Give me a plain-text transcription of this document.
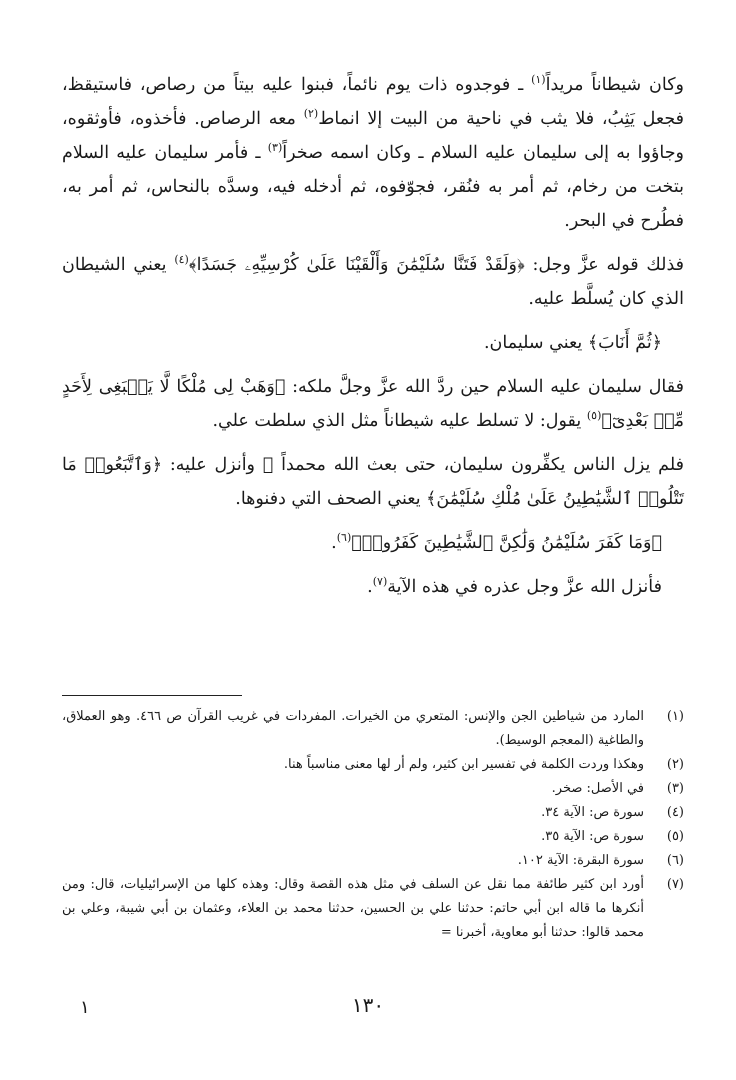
وكان شيطاناً مريداً$^{(١)}$ ـ فوجدوه ذات يوم نائماً، فبنوا عليه بيتاً من رصاص، فاستيقظ، فجعل يَثِبُ، فلا يثب في ناحية من البيت إلا انماط$^{(٢)}$ معه الرصاص. فأخذوه، فأوثقوه، وجاؤوا به إلى سليمان عليه السلام ـ وكان اسمه صخراً$^{(٣)}$ ـ فأمر سليمان عليه السلام بتخت من رخام، ثم أمر به فنُقر، فجوّفوه، ثم أدخله فيه، وسدَّه بالنحاس، ثم أمر به، فطُرح في البحر.

فذلك قوله عزَّ وجل: ﴿وَلَقَدْ فَتَنَّا سُلَيْمَٰنَ وَأَلْقَيْنَا عَلَىٰ كُرْسِيِّهِۦ جَسَدًا﴾$^{(٤)}$ يعني الشيطان الذي كان يُسلَّط عليه.

﴿ثُمَّ أَنَابَ﴾ يعني سليمان.

فقال سليمان عليه السلام حين ردَّ الله عزَّ وجلَّ ملكه: ﴿وَهَبْ لِى مُلْكًا لَّا يَنۢبَغِى لِأَحَدٍ مِّنۢ بَعْدِىٓ﴾$^{(٥)}$ يقول: لا تسلط عليه شيطاناً مثل الذي سلطت علي.

فلم يزل الناس يكفِّرون سليمان، حتى بعث الله محمداً ﷺ وأنزل عليه: ﴿وَٱتَّبَعُوا۟ مَا تَتْلُوا۟ ٱلشَّيَٰطِينُ عَلَىٰ مُلْكِ سُلَيْمَٰنَ﴾ يعني الصحف التي دفنوها.

﴿وَمَا كَفَرَ سُلَيْمَٰنُ وَلَٰكِنَّ ٱلشَّيَٰطِينَ كَفَرُوا۟﴾$^{(٦)}$.

فأنزل الله عزَّ وجل عذره في هذه الآية$^{(٧)}$.

(١)
المارد من شياطين الجن والإنس: المتعري من الخيرات. المفردات في غريب القرآن ص ٤٦٦. وهو العملاق، والطاغية (المعجم الوسيط).
(٢)
وهكذا وردت الكلمة في تفسير ابن كثير، ولم أر لها معنى مناسباً هنا.
(٣)
في الأصل: صخر.
(٤)
سورة ص: الآية ٣٤.
(٥)
سورة ص: الآية ٣٥.
(٦)
سورة البقرة: الآية ١٠٢.
(٧)
أورد ابن كثير طائفة مما نقل عن السلف في مثل هذه القصة وقال: وهذه كلها من الإسرائيليات، قال: ومن أنكرها ما قاله ابن أبي حاتم: حدثنا علي بن الحسين، حدثنا محمد بن العلاء، وعثمان بن أبي شيبة، وعلي بن محمد قالوا: حدثنا أبو معاوية، أخبرنا =
١٣٠
١
